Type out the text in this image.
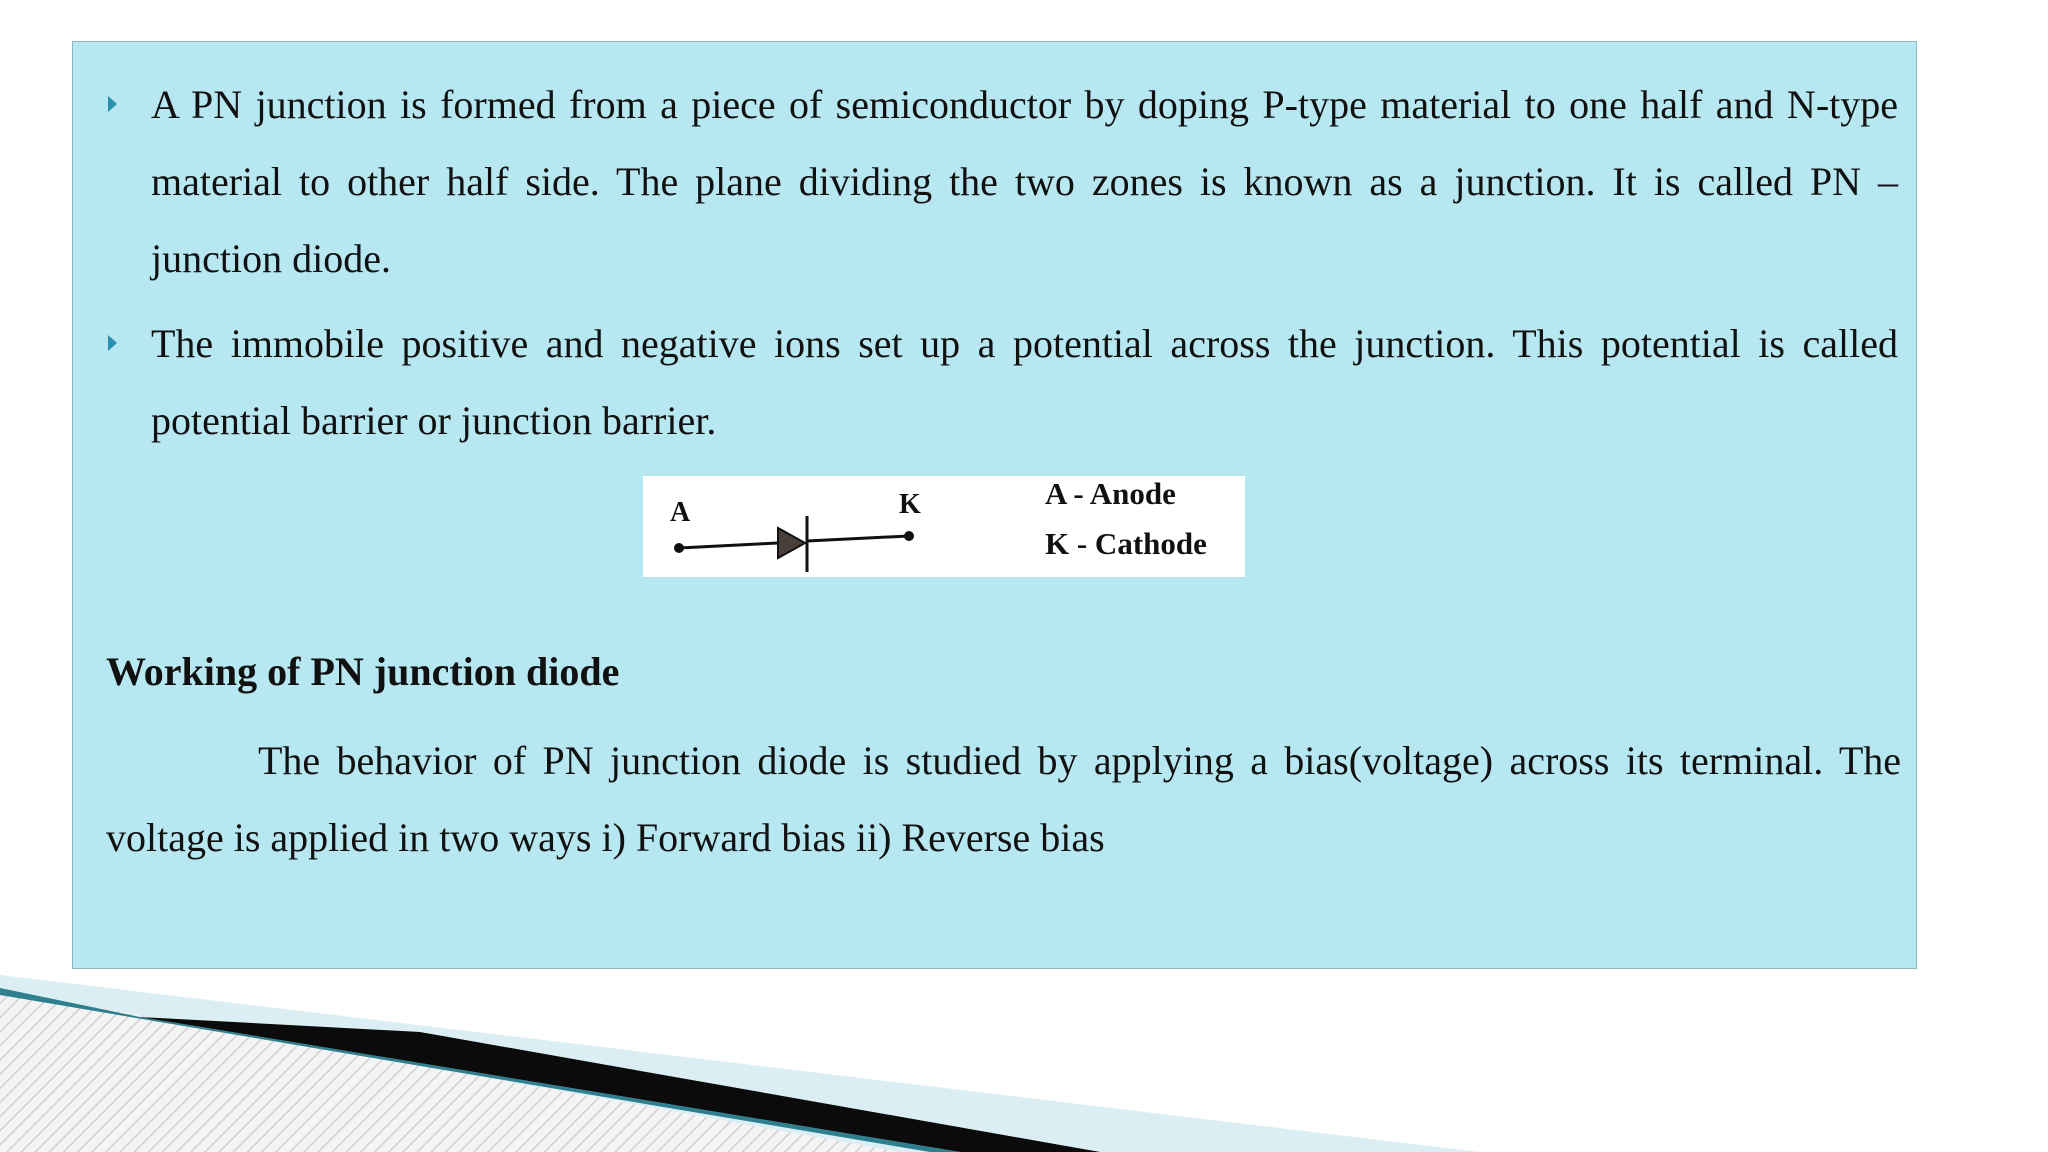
A PN junction is formed from a piece of semiconductor by doping P-type material to one half and N-type material to other half side. The plane dividing the two zones is known as a junction. It is called PN – junction diode.
The immobile positive and negative ions set up a potential across the junction. This potential is called potential barrier or junction barrier.
A	K	A - Anode
K - Cathode
Working of PN junction diode
The behavior of PN junction diode is studied by applying a bias(voltage) across its terminal. The voltage is applied in two ways i) Forward bias ii) Reverse bias
